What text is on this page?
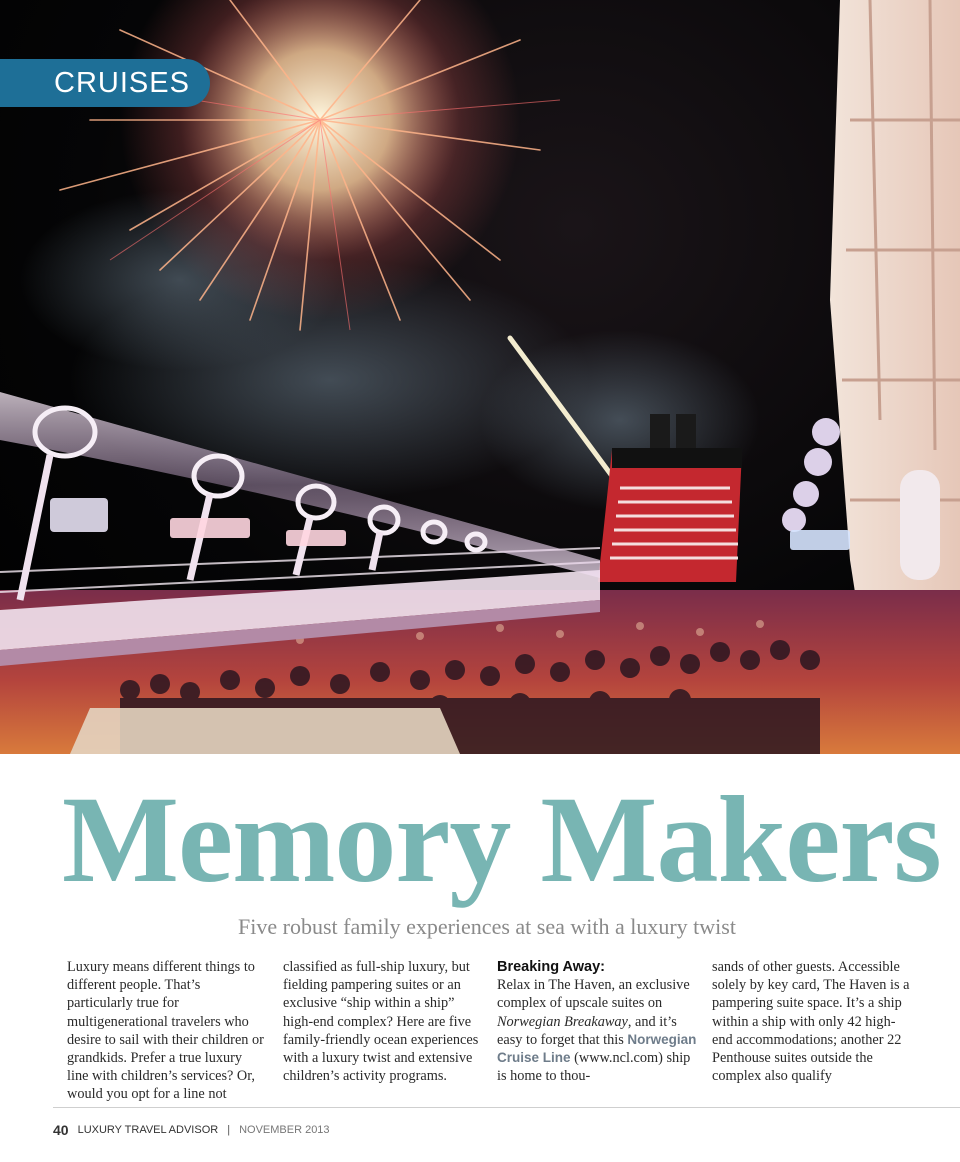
CRUISES
Memory Makers
Five robust family experiences at sea with a luxury twist

Luxury means different things to different people. That’s particularly true for multigenerational travelers who desire to sail with their children or grandkids. Prefer a true luxury line with children’s services? Or, would you opt for a line not

classified as full-ship luxury, but fielding pampering suites or an exclusive “ship within a ship” high-end complex? Here are five family-friendly ocean experiences with a luxury twist and extensive children’s activity programs.

Breaking Away:

Relax in The Haven, an exclusive complex of upscale suites on Norwegian Breakaway, and it’s easy to forget that this Norwegian Cruise Line (www.ncl.com) ship is home to thou-

sands of other guests. Accessible solely by key card, The Haven is a pampering suite space. It’s a ship within a ship with only 42 high-end accommodations; another 22 Penthouse suites outside the complex also qualify

40 LUXURY TRAVEL ADVISOR | NOVEMBER 2013
